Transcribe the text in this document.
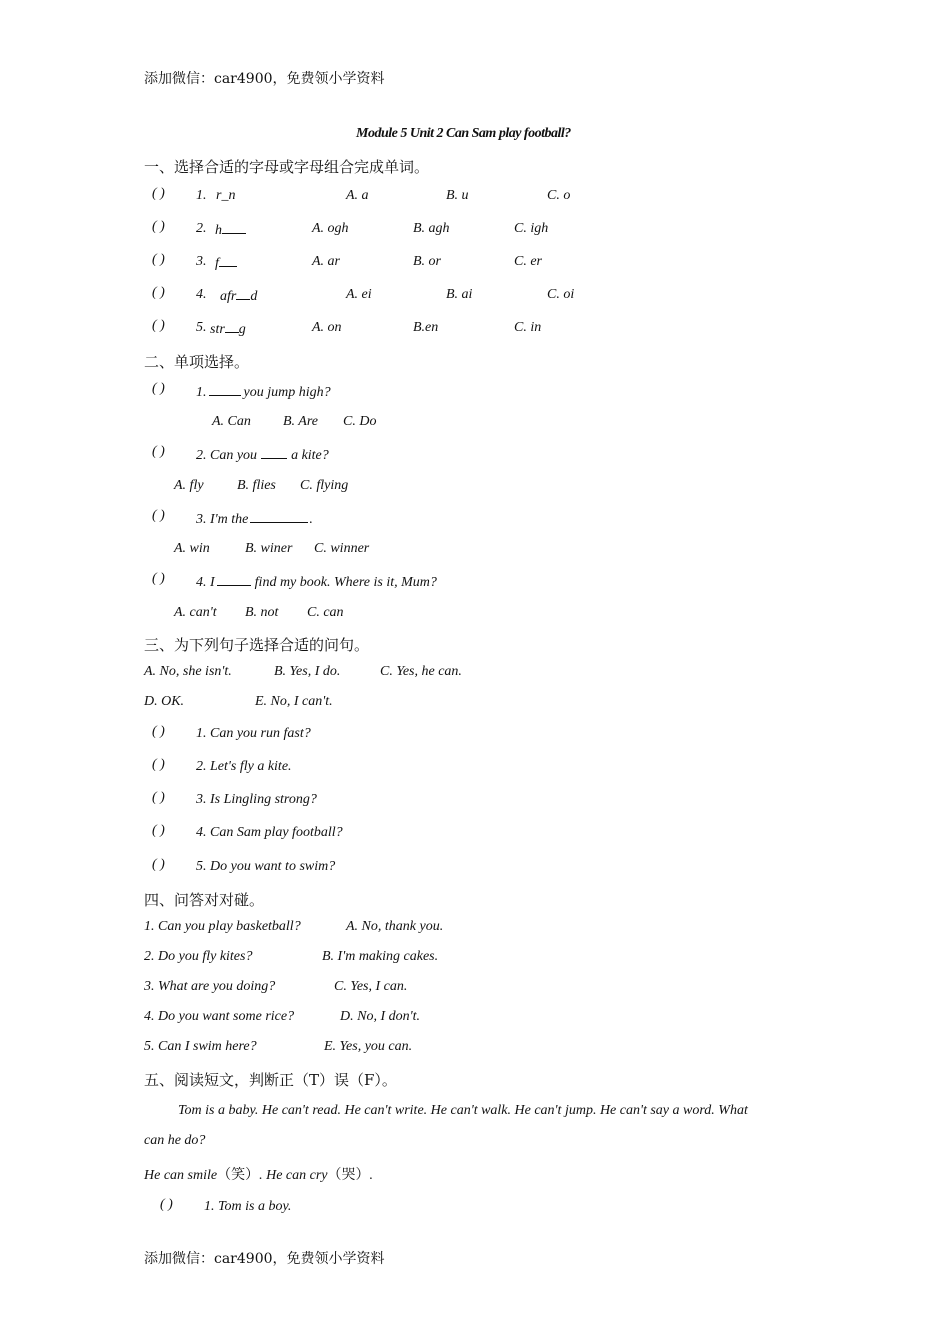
添加微信：car4900，免费领小学资料
Module 5 Unit 2 Can Sam play football?
一、选择合适的字母或字母组合完成单词。
( ) 1. r_n	A. a	B. u	C. o
( ) 2. h	A. ogh	B. agh	C. igh
( ) 3. f	A. ar	B. or	C. er
( ) 4. afr d	A. ei	B. ai	C. oi
( ) 5. str g	A. on	B.en	C. in
二、单项选择。
( ) 1.	you jump high?
A. Can B. Are C. Do
( ) 2. Can you a kite?
A. fly B. flies C. flying
( ) 3. I'm the	.
A. win	B. winer C. winner
( ) 4. I	find my book. Where is it, Mum?
A. can't B. not C. can
三、为下列句子选择合适的问句。
A. No, she isn't.	B. Yes, I do.	C. Yes, he can.
D. OK.	E. No, I can't.
( ) 1. Can you run fast?
( ) 2. Let's fly a kite.
( ) 3. Is Lingling strong?
( ) 4. Can Sam play football?
( ) 5. Do you want to swim?
四、问答对对碰。
1. Can you play basketball?	A. No, thank you.
2. Do you fly kites?	B. I'm making cakes.
3. What are you doing?	C. Yes, I can.
4. Do you want some rice?	D. No, I don't.
5. Can I swim here?	E. Yes, you can.
五、阅读短文，判断正（T）误（F）。
Tom is a baby. He can't read. He can't write. He can't walk. He can't jump. He can't say a word. What
can he do?
He can smile（笑）. He can cry（哭）.
( ) 1. Tom is a boy.
添加微信：car4900，免费领小学资料
